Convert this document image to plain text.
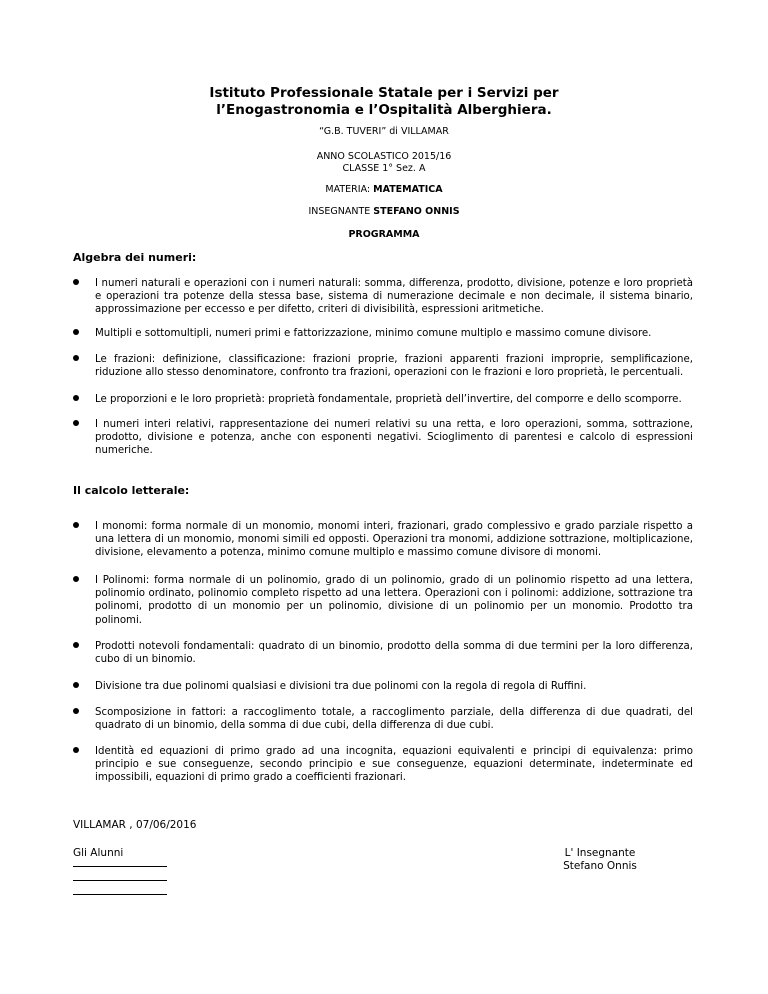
Istituto Professionale Statale per i Servizi per
l’Enogastronomia e l’Ospitalità Alberghiera.
“G.B. TUVERI” di VILLAMAR
ANNO SCOLASTICO 2015/16
CLASSE 1° Sez. A
MATERIA: MATEMATICA
INSEGNANTE STEFANO ONNIS
PROGRAMMA
Algebra dei numeri:
I numeri naturali e operazioni con i numeri naturali: somma, differenza, prodotto, divisione, potenze e loro proprietà e operazioni tra potenze della stessa base, sistema di numerazione decimale e non decimale, il sistema binario, approssimazione per eccesso e per difetto, criteri di divisibilità, espressioni aritmetiche.
Multipli e sottomultipli, numeri primi e fattorizzazione, minimo comune multiplo e massimo comune divisore.
Le frazioni: definizione, classificazione: frazioni proprie, frazioni apparenti frazioni improprie, semplificazione, riduzione allo stesso denominatore, confronto tra frazioni, operazioni con le frazioni e loro proprietà, le percentuali.
Le proporzioni e le loro proprietà: proprietà fondamentale, proprietà dell’invertire, del comporre e dello scomporre.
I numeri interi relativi, rappresentazione dei numeri relativi su una retta, e loro operazioni, somma, sottrazione, prodotto, divisione e potenza, anche con esponenti negativi. Scioglimento di parentesi e calcolo di espressioni numeriche.
Il calcolo letterale:
I monomi: forma normale di un monomio, monomi interi, frazionari, grado complessivo e grado parziale rispetto a una lettera di un monomio, monomi simili ed opposti. Operazioni tra monomi, addizione sottrazione, moltiplicazione, divisione, elevamento a potenza, minimo comune multiplo e massimo comune divisore di monomi.
I Polinomi: forma normale di un polinomio, grado di un polinomio, grado di un polinomio rispetto ad una lettera, polinomio ordinato, polinomio completo rispetto ad una lettera. Operazioni con i polinomi: addizione, sottrazione tra polinomi, prodotto di un monomio per un polinomio, divisione di un polinomio per un monomio. Prodotto tra polinomi.
Prodotti notevoli fondamentali: quadrato di un binomio, prodotto della somma di due termini per la loro differenza, cubo di un binomio.
Divisione tra due polinomi qualsiasi e divisioni tra due polinomi con la regola di regola di Ruffini.
Scomposizione in fattori: a raccoglimento totale, a raccoglimento parziale, della differenza di due quadrati, del quadrato di un binomio, della somma di due cubi, della differenza di due cubi.
Identità ed equazioni di primo grado ad una incognita, equazioni equivalenti e principi di equivalenza: primo principio e sue conseguenze, secondo principio e sue conseguenze, equazioni determinate, indeterminate ed impossibili, equazioni di primo grado a coefficienti frazionari.
VILLAMAR , 07/06/2016
Gli Alunni	L' Insegnante
Stefano Onnis
